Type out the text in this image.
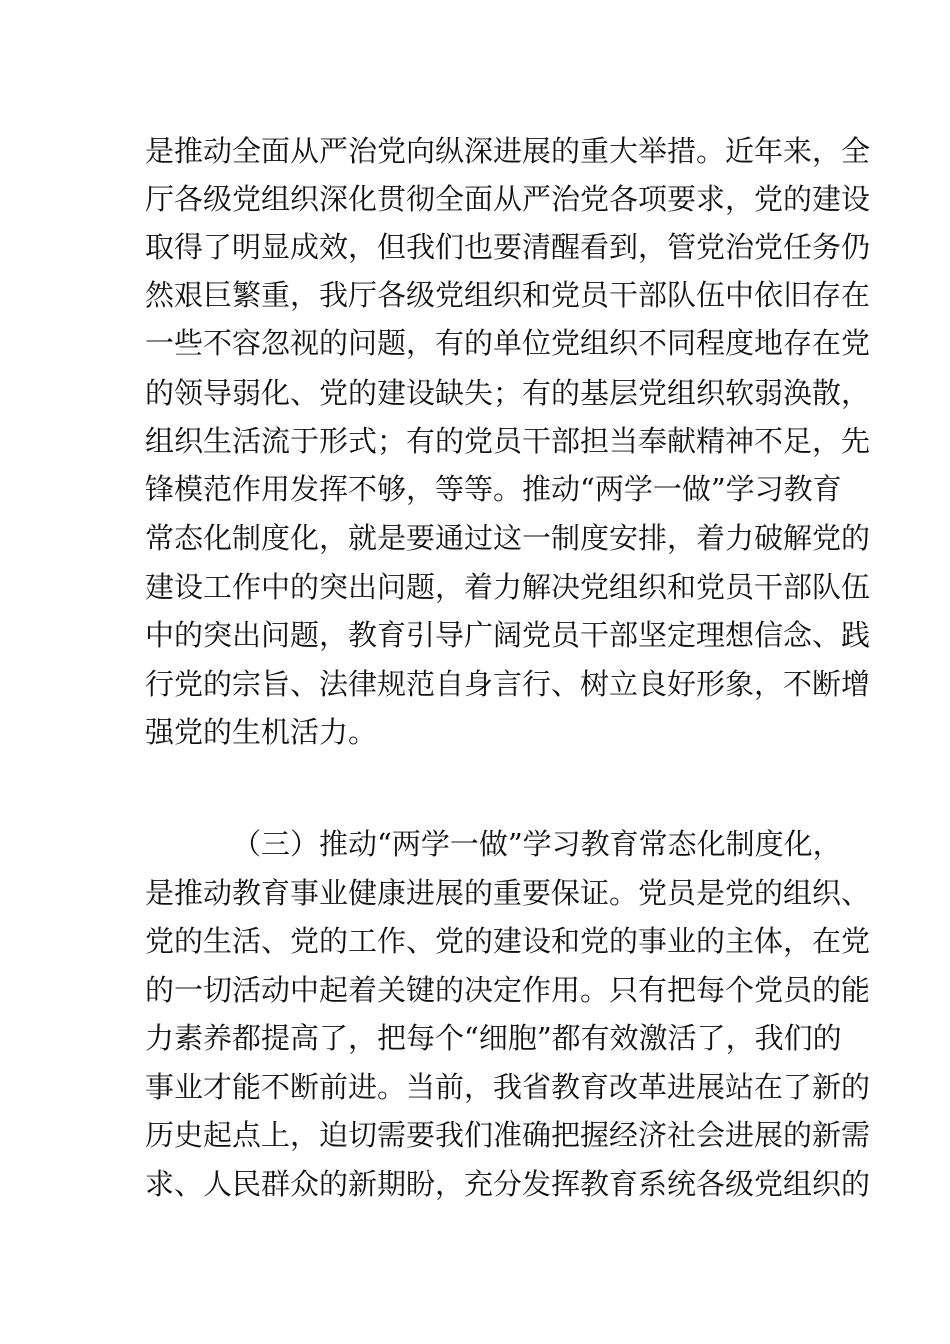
是推动全面从严治党向纵深进展的重大举措。近年来，全
厅各级党组织深化贯彻全面从严治党各项要求，党的建设
取得了明显成效，但我们也要清醒看到，管党治党任务仍
然艰巨繁重，我厅各级党组织和党员干部队伍中依旧存在
一些不容忽视的问题，有的单位党组织不同程度地存在党
的领导弱化、党的建设缺失；有的基层党组织软弱涣散，
组织生活流于形式；有的党员干部担当奉献精神不足，先
锋模范作用发挥不够，等等。推动“两学一做”学习教育
常态化制度化，就是要通过这一制度安排，着力破解党的
建设工作中的突出问题，着力解决党组织和党员干部队伍
中的突出问题，教育引导广阔党员干部坚定理想信念、践
行党的宗旨、法律规范自身言行、树立良好形象，不断增
强党的生机活力。
（三）推动“两学一做”学习教育常态化制度化，
是推动教育事业健康进展的重要保证。党员是党的组织、
党的生活、党的工作、党的建设和党的事业的主体，在党
的一切活动中起着关键的决定作用。只有把每个党员的能
力素养都提高了，把每个“细胞”都有效激活了，我们的
事业才能不断前进。当前，我省教育改革进展站在了新的
历史起点上，迫切需要我们准确把握经济社会进展的新需
求、人民群众的新期盼，充分发挥教育系统各级党组织的
